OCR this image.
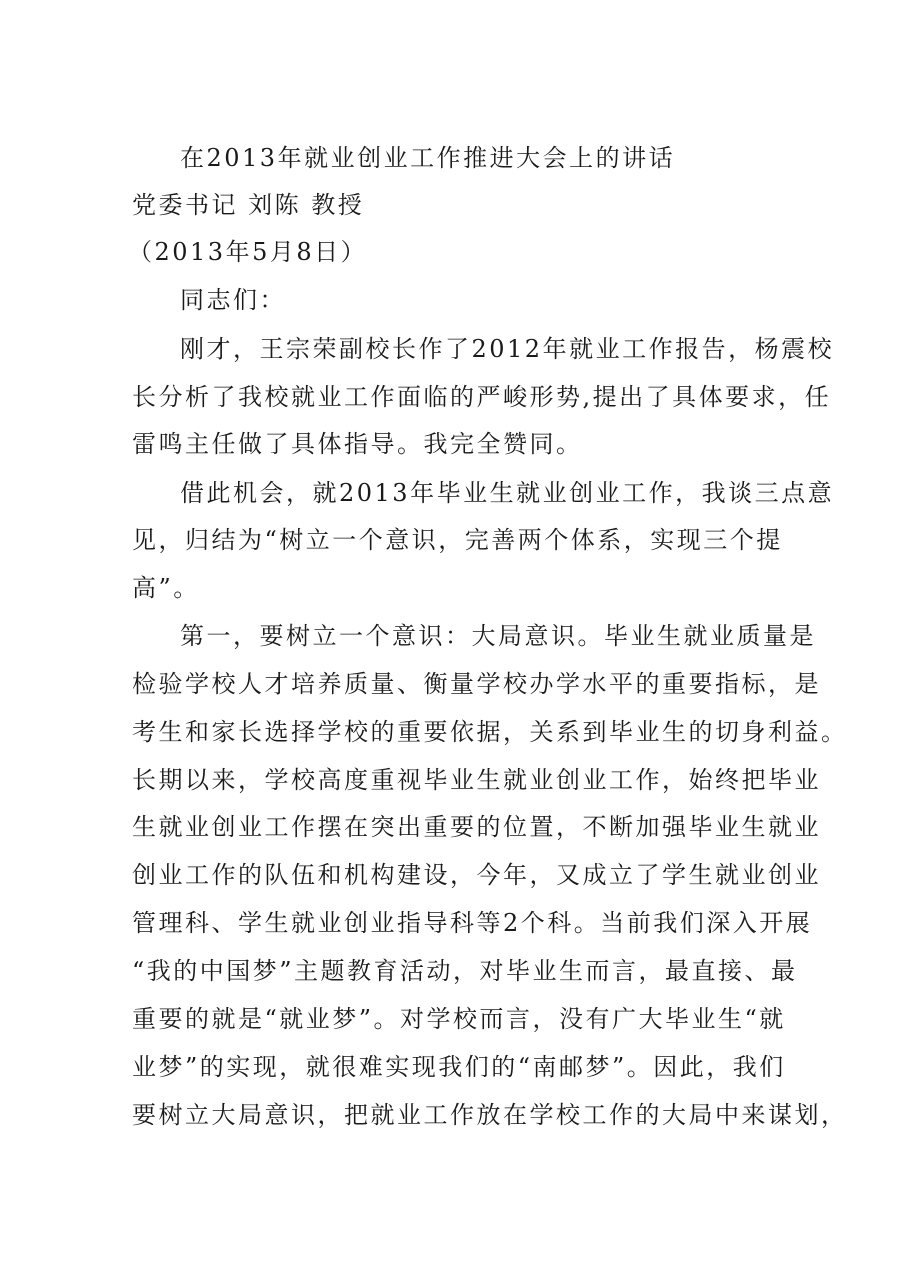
在2013年就业创业工作推进大会上的讲话
党委书记 刘陈 教授
（2013年5月8日）
同志们：
刚才，王宗荣副校长作了2012年就业工作报告，杨震校
长分析了我校就业工作面临的严峻形势,提出了具体要求，任
雷鸣主任做了具体指导。我完全赞同。
借此机会，就2013年毕业生就业创业工作，我谈三点意
见，归结为“树立一个意识，完善两个体系，实现三个提
高”。
第一，要树立一个意识：大局意识。毕业生就业质量是
检验学校人才培养质量、衡量学校办学水平的重要指标，是
考生和家长选择学校的重要依据，关系到毕业生的切身利益。
长期以来，学校高度重视毕业生就业创业工作，始终把毕业
生就业创业工作摆在突出重要的位置，不断加强毕业生就业
创业工作的队伍和机构建设，今年，又成立了学生就业创业
管理科、学生就业创业指导科等2个科。当前我们深入开展
“我的中国梦”主题教育活动，对毕业生而言，最直接、最
重要的就是“就业梦”。对学校而言，没有广大毕业生“就
业梦”的实现，就很难实现我们的“南邮梦”。因此，我们
要树立大局意识，把就业工作放在学校工作的大局中来谋划，
